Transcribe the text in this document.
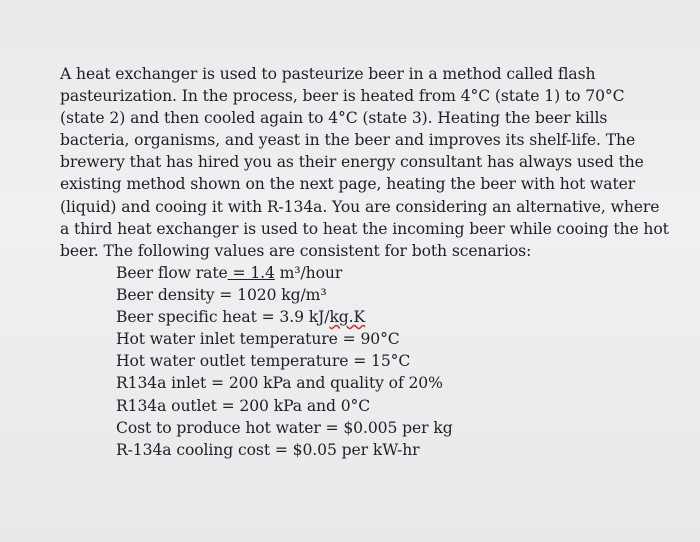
A heat exchanger is used to pasteurize beer in a method called flash
pasteurization. In the process, beer is heated from 4°C (state 1) to 70°C
(state 2) and then cooled again to 4°C (state 3). Heating the beer kills
bacteria, organisms, and yeast in the beer and improves its shelf-life. The
brewery that has hired you as their energy consultant has always used the
existing method shown on the next page, heating the beer with hot water
(liquid) and cooing it with R-134a. You are considering an alternative, where
a third heat exchanger is used to heat the incoming beer while cooing the hot
beer. The following values are consistent for both scenarios:
Beer flow rate = 1.4 m³/hour
Beer density = 1020 kg/m³
Beer specific heat = 3.9 kJ/kg.K
Hot water inlet temperature = 90°C
Hot water outlet temperature = 15°C
R134a inlet = 200 kPa and quality of 20%
R134a outlet = 200 kPa and 0°C
Cost to produce hot water = $0.005 per kg
R-134a cooling cost = $0.05 per kW-hr
